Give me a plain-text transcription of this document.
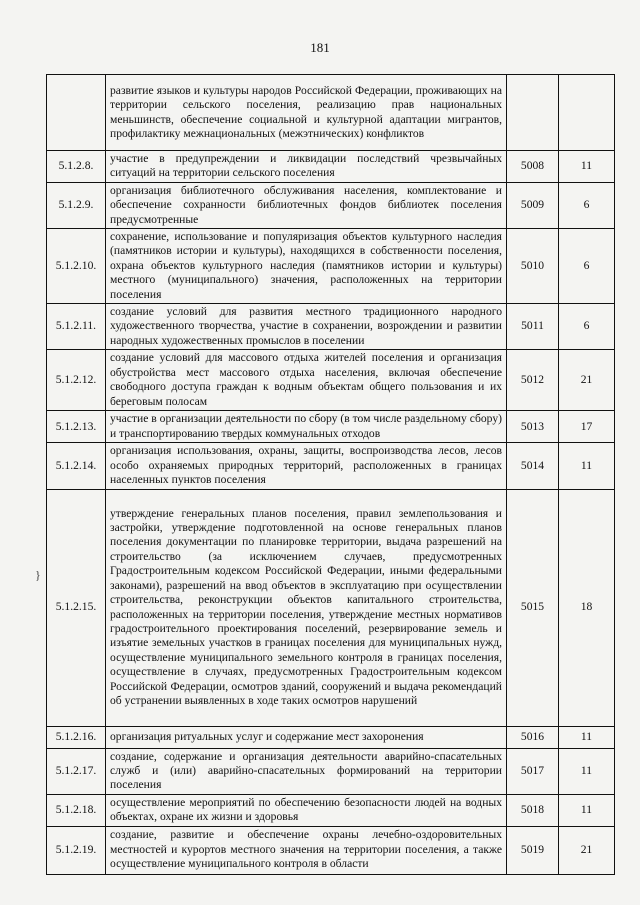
181
}
	развитие языков и культуры народов Российской Федерации, проживающих на территории сельского поселения, реализацию прав национальных меньшинств, обеспечение социальной и культурной адаптации мигрантов, профилактику межнациональных (межэтнических) конфликтов		
5.1.2.8.	участие в предупреждении и ликвидации последствий чрезвычайных ситуаций на территории сельского поселения	5008	11
5.1.2.9.	организация библиотечного обслуживания населения, комплектование и обеспечение сохранности библиотечных фондов библиотек поселения предусмотренные	5009	6
5.1.2.10.	сохранение, использование и популяризация объектов культурного наследия (памятников истории и культуры), находящихся в собственности поселения, охрана объектов культурного наследия (памятников истории и культуры) местного (муниципального) значения, расположенных на территории поселения	5010	6
5.1.2.11.	создание условий для развития местного традиционного народного художественного творчества, участие в сохранении, возрождении и развитии народных художественных промыслов в поселении	5011	6
5.1.2.12.	создание условий для массового отдыха жителей поселения и организация обустройства мест массового отдыха населения, включая обеспечение свободного доступа граждан к водным объектам общего пользования и их береговым полосам	5012	21
5.1.2.13.	участие в организации деятельности по сбору (в том числе раздельному сбору) и транспортированию твердых коммунальных отходов	5013	17
5.1.2.14.	организация использования, охраны, защиты, воспроизводства лесов, лесов особо охраняемых природных территорий, расположенных в границах населенных пунктов поселения	5014	11
5.1.2.15.	утверждение генеральных планов поселения, правил землепользования и застройки, утверждение подготовленной на основе генеральных планов поселения документации по планировке территории, выдача разрешений на строительство (за исключением случаев, предусмотренных Градостроительным кодексом Российской Федерации, иными федеральными законами), разрешений на ввод объектов в эксплуатацию при осуществлении строительства, реконструкции объектов капитального строительства, расположенных на территории поселения, утверждение местных нормативов градостроительного проектирования поселений, резервирование земель и изъятие земельных участков в границах поселения для муниципальных нужд, осуществление муниципального земельного контроля в границах поселения, осуществление в случаях, предусмотренных Градостроительным кодексом Российской Федерации, осмотров зданий, сооружений и выдача рекомендаций об устранении выявленных в ходе таких осмотров нарушений	5015	18
5.1.2.16.	организация ритуальных услуг и содержание мест захоронения	5016	11
5.1.2.17.	создание, содержание и организация деятельности аварийно-спасательных служб и (или) аварийно-спасательных формирований на территории поселения	5017	11
5.1.2.18.	осуществление мероприятий по обеспечению безопасности людей на водных объектах, охране их жизни и здоровья	5018	11
5.1.2.19.	создание, развитие и обеспечение охраны лечебно-оздоровительных местностей и курортов местного значения на территории поселения, а также осуществление муниципального контроля в области	5019	21
